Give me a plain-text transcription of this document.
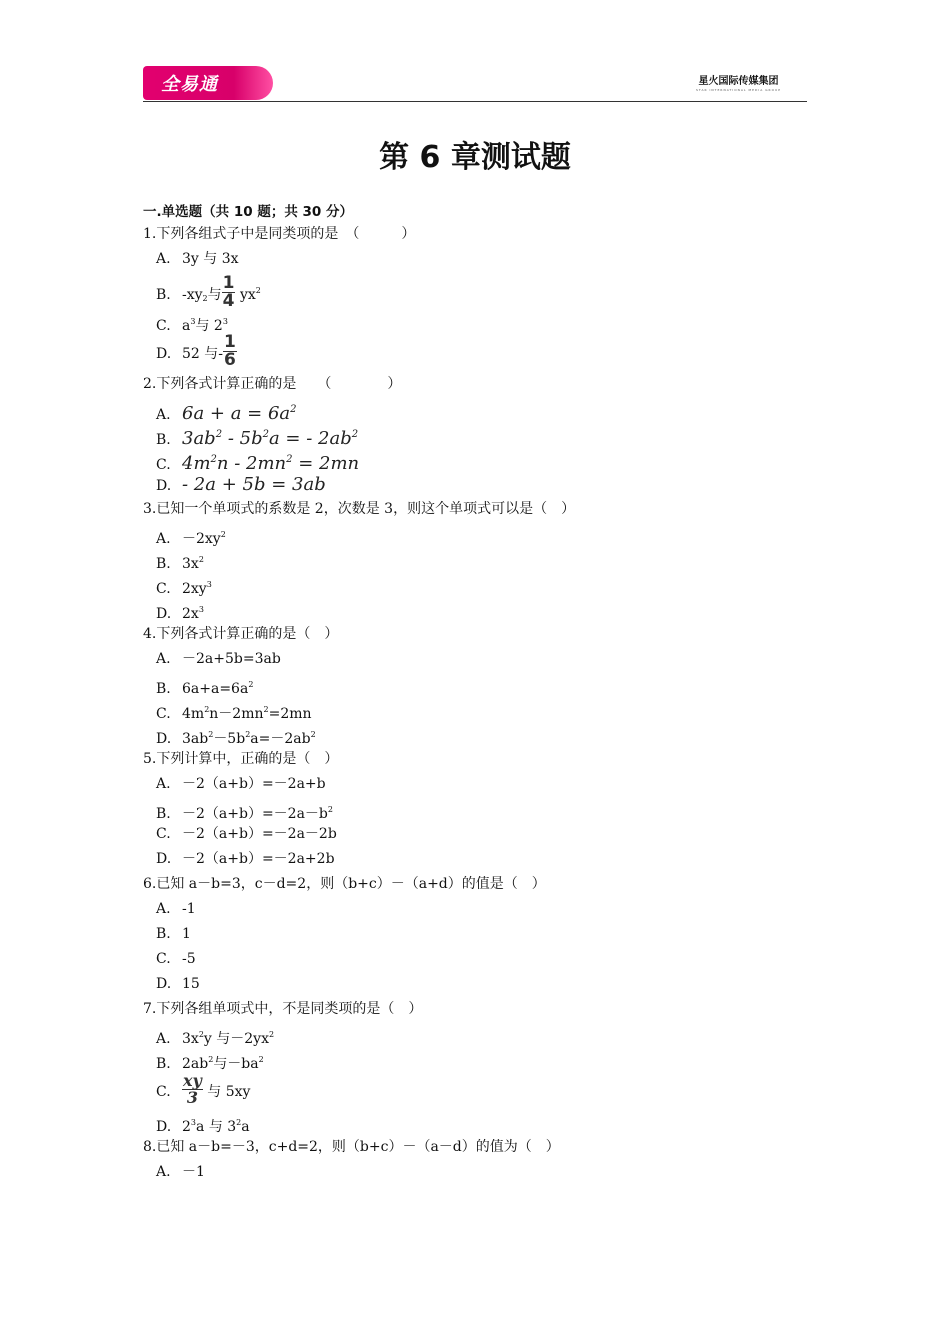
全易通	星火国际传媒集团
STAR INTERNATIONAL MEDIA GROUP
第 6 章测试题
一.单选题（共 10 题；共 30 分）
1.下列各组式子中是同类项的是　（　　　）
A. 3y 与 3x
B. $-xy_2$与 $\frac{1}{4} yx^2$
C. $a^3$与 $2^3$
D. 52 与- $\frac{1}{6}$
2.下列各式计算正确的是　　（　　　　）
A. $6a + a = 6a^2$
B. $3ab^2 - 5b^2a$ = - $2ab^2$
C. $4m^2n - 2mn^2 = 2mn$
D. - 2a + 5b = 3ab
3.已知一个单项式的系数是 2，次数是 3，则这个单项式可以是（　）
A. $-2xy^2$
B. $3x^2$
C. $2xy^3$
D. $2x^3$
4.下列各式计算正确的是（　）
A. －2a+5b=3ab
B. $6a+a=6a^2$
C. $4m^2n-2mn^2=2mn$
D. $3ab^2-5b^2a=-2ab^2$
5.下列计算中，正确的是（　）
A. －2（a+b）=－2a+b
B. $-2(a+b)=-2a-b^2$
C. －2（a+b）=－2a－2b
D. －2（a+b）=－2a+2b
6.已知 a－b=3，c－d=2，则（b+c）－（a+d）的值是（　）
A. -1
B. 1
C. -5
D. 15
7.下列各组单项式中，不是同类项的是（　）
A. $3x^2y$ 与$-2yx^2$
B. $2ab^2$与$-ba^2$
C. $\frac{xy}{3}$ 与 5xy
D. $2^3a$ 与 $3^2a$
8.已知 a－b=－3，c+d=2，则（b+c）－（a－d）的值为（　）
A. －1
